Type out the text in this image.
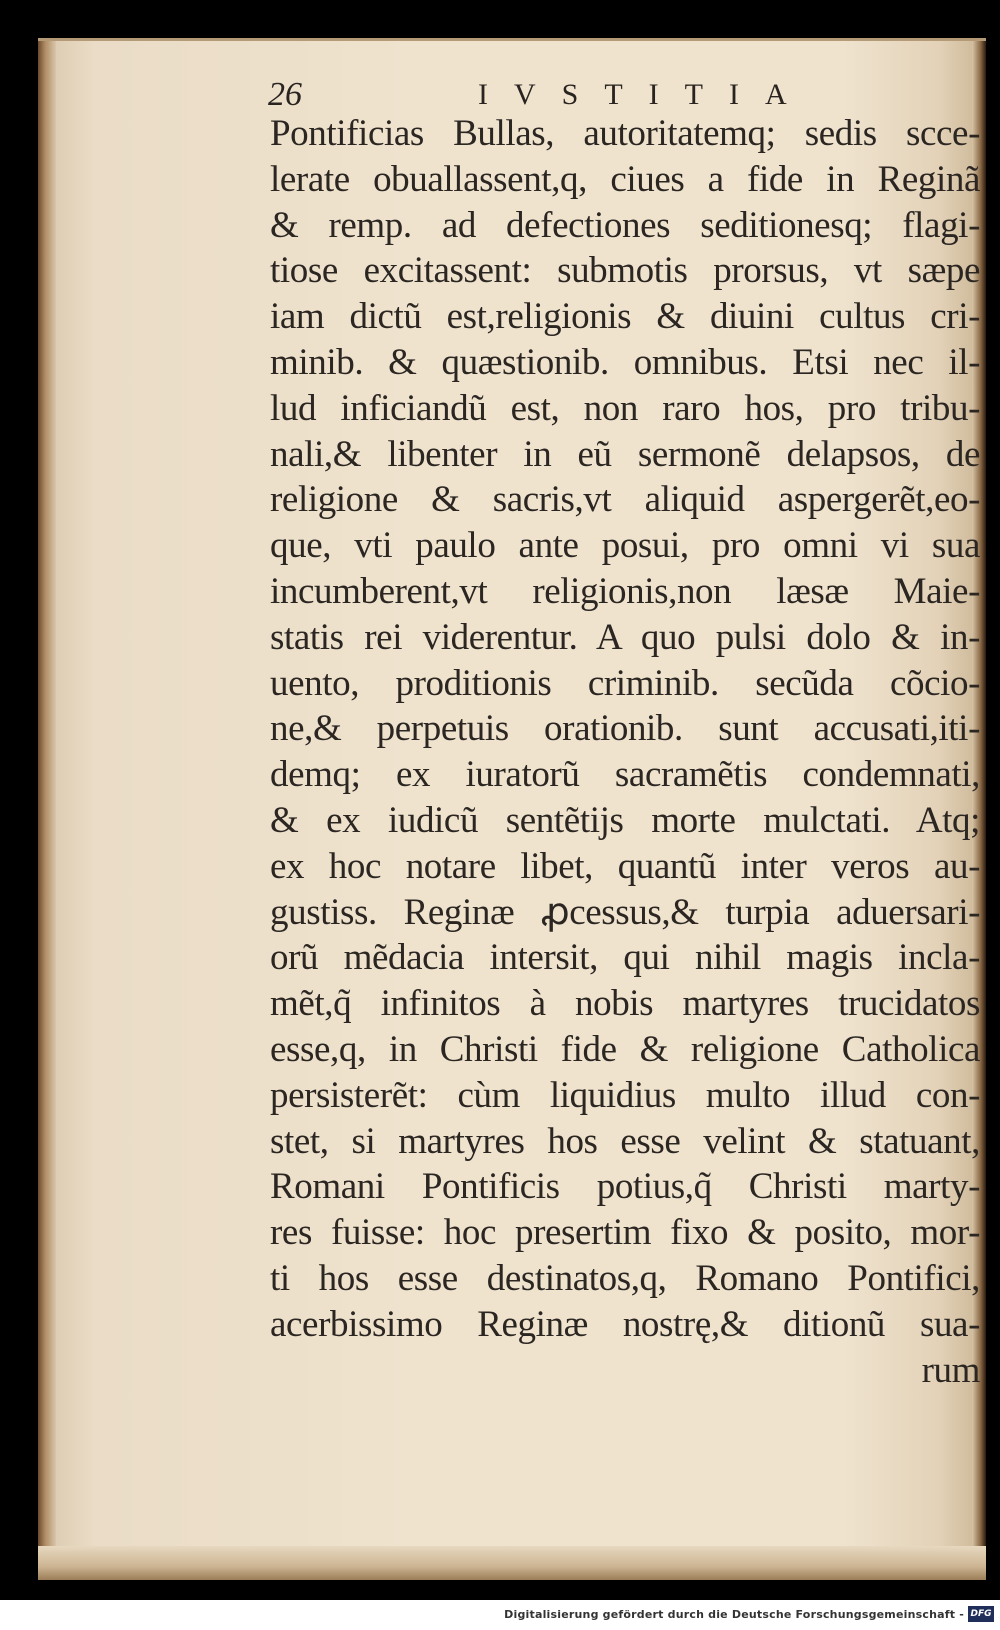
26	IVSTITIA
Pontificias Bullas, autoritatemq; sedis scce-
lerate obuallassent,q, ciues a fide in Reginã
& remp. ad defectiones seditionesq; flagi-
tiose excitassent: submotis prorsus, vt sæpe
iam dictũ est,religionis & diuini cultus cri-
minib. & quæstionib. omnibus. Etsi nec il-
lud inficiandũ est, non raro hos, pro tribu-
nali,& libenter in eũ sermonẽ delapsos, de
religione & sacris,vt aliquid aspergerẽt,eo-
que, vti paulo ante posui, pro omni vi sua
incumberent,vt religionis,non læsæ Maie-
statis rei viderentur. A quo pulsi dolo & in-
uento, proditionis criminib. secũda cõcio-
ne,& perpetuis orationib. sunt accusati,iti-
demq; ex iuratorũ sacramẽtis condemnati,
& ex iudicũ sentẽtijs morte mulctati. Atq;
ex hoc notare libet, quantũ inter veros au-
gustiss. Reginæ ꝓcessus,& turpia aduersari-
orũ mẽdacia intersit, qui nihil magis incla-
mẽt,q̃ infinitos à nobis martyres trucidatos
esse,q, in Christi fide & religione Catholica
persisterẽt: cùm liquidius multo illud con-
stet, si martyres hos esse velint & statuant,
Romani Pontificis potius,q̃ Christi marty-
res fuisse: hoc presertim fixo & posito, mor-
ti hos esse destinatos,q, Romano Pontifici,
acerbissimo Reginæ nostrę,& ditionũ sua-
rum
Digitalisierung gefördert durch die Deutsche Forschungsgemeinschaft - DFG
